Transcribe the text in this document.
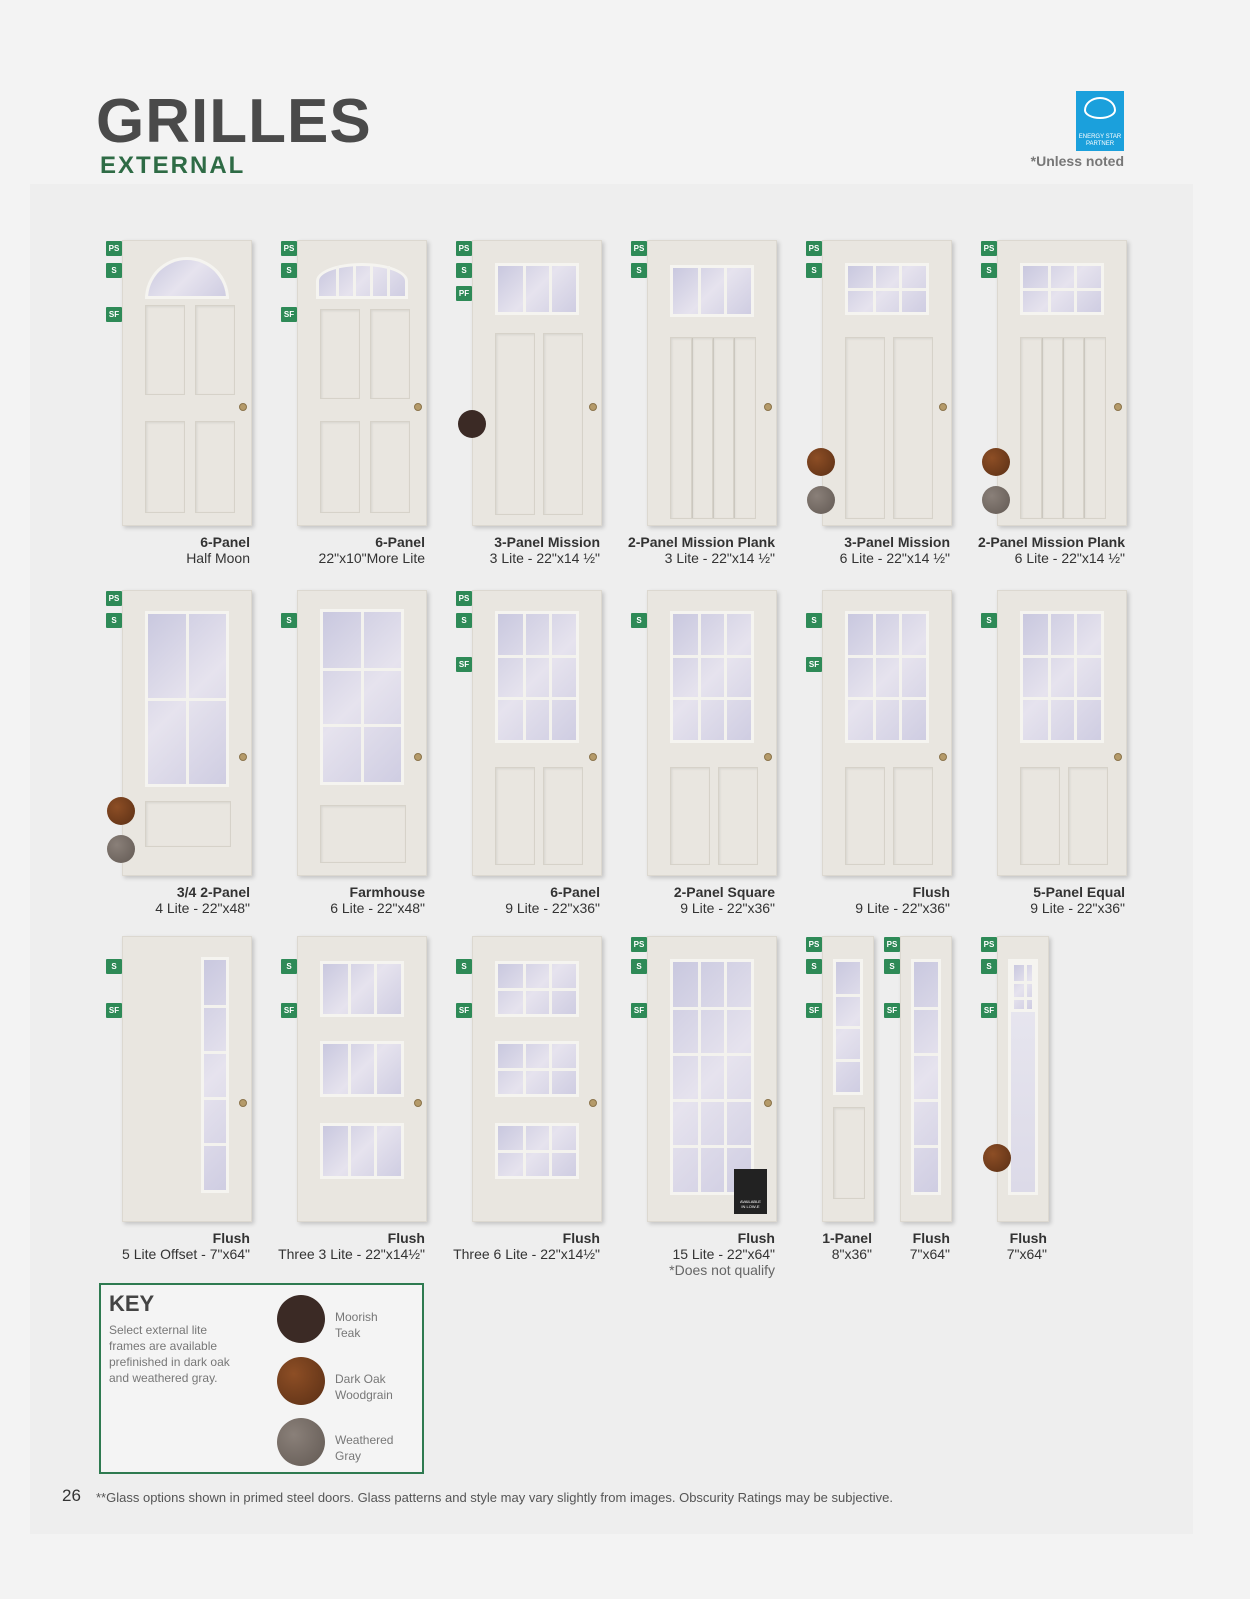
GRILLES
EXTERNAL
ENERGY STAR
PARTNER
*Unless noted
PS
S
SF
6-Panel
Half Moon
PS
S
SF
6-Panel
22"x10"More Lite
PS
S
PF
3-Panel Mission
3 Lite - 22"x14 ½"
PS
S
2-Panel Mission Plank
3 Lite - 22"x14 ½"
PS
S
3-Panel Mission
6 Lite - 22"x14 ½"
PS
S
2-Panel Mission Plank
6 Lite - 22"x14 ½"
PS
S
3/4 2-Panel
4 Lite - 22"x48"
S
Farmhouse
6 Lite - 22"x48"
PS
S
SF
6-Panel
9 Lite - 22"x36"
S
2-Panel Square
9 Lite - 22"x36"
S
SF
Flush
9 Lite - 22"x36"
S
5-Panel Equal
9 Lite - 22"x36"
S
SF
Flush
5 Lite Offset - 7"x64"
S
SF
Flush
Three 3 Lite - 22"x14½"
S
SF
Flush
Three 6 Lite - 22"x14½"
AVAILABLE
IN LOW-E
PS
S
SF
Flush
15 Lite - 22"x64"
*Does not qualify
PS
S
SF
1-Panel
8"x36"
PS
S
SF
Flush
7"x64"
PS
S
SF
Flush
7"x64"
KEY
Select external lite frames are available prefinished in dark oak and weathered gray.
Moorish
Teak
Dark Oak
Woodgrain
Weathered
Gray
26 **Glass options shown in primed steel doors. Glass patterns and style may vary slightly from images. Obscurity Ratings may be subjective.
